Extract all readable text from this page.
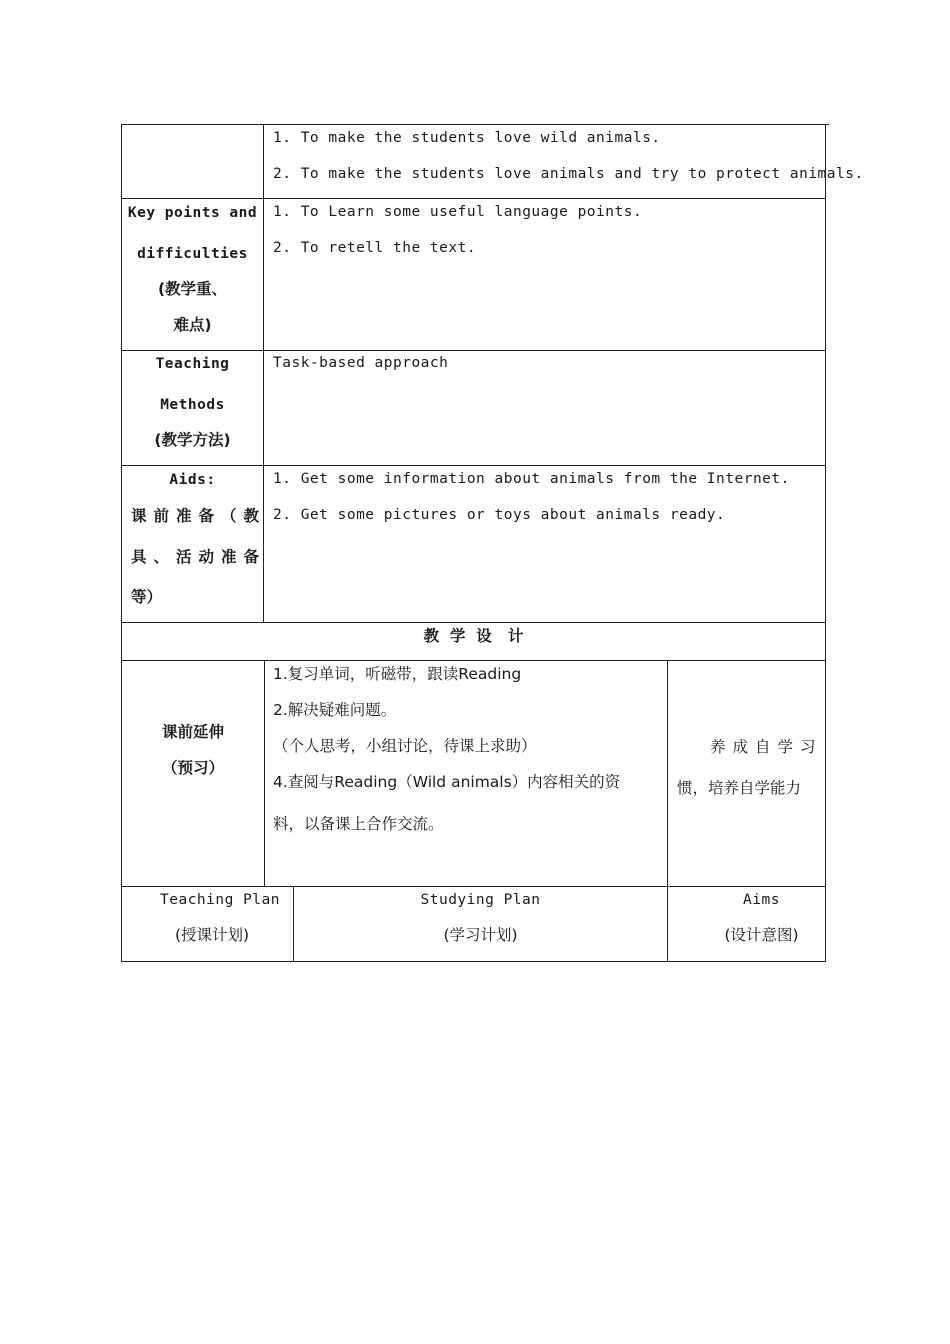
1. To make the students love wild animals.
2. To make the students love animals and try to protect animals.
Key points and
difficulties
(教学重、
难点)
1. To Learn some useful language points.
2. To retell the text.
Teaching
Methods
(教学方法)
Task-based approach
Aids:
课前准备（教
具、活动准备
等）
1. Get some information about animals from the Internet.
2. Get some pictures or toys about animals ready.
教  学  设   计
课前延伸
（预习）
1.复习单词，听磁带，跟读Reading
2.解决疑难问题。
（个人思考，小组讨论，待课上求助）
4.查阅与Reading（Wild animals）内容相关的资
料，以备课上合作交流。
养成自学习
惯，培养自学能力
Teaching Plan
(授课计划)
Studying Plan
(学习计划)
Aims
(设计意图)
